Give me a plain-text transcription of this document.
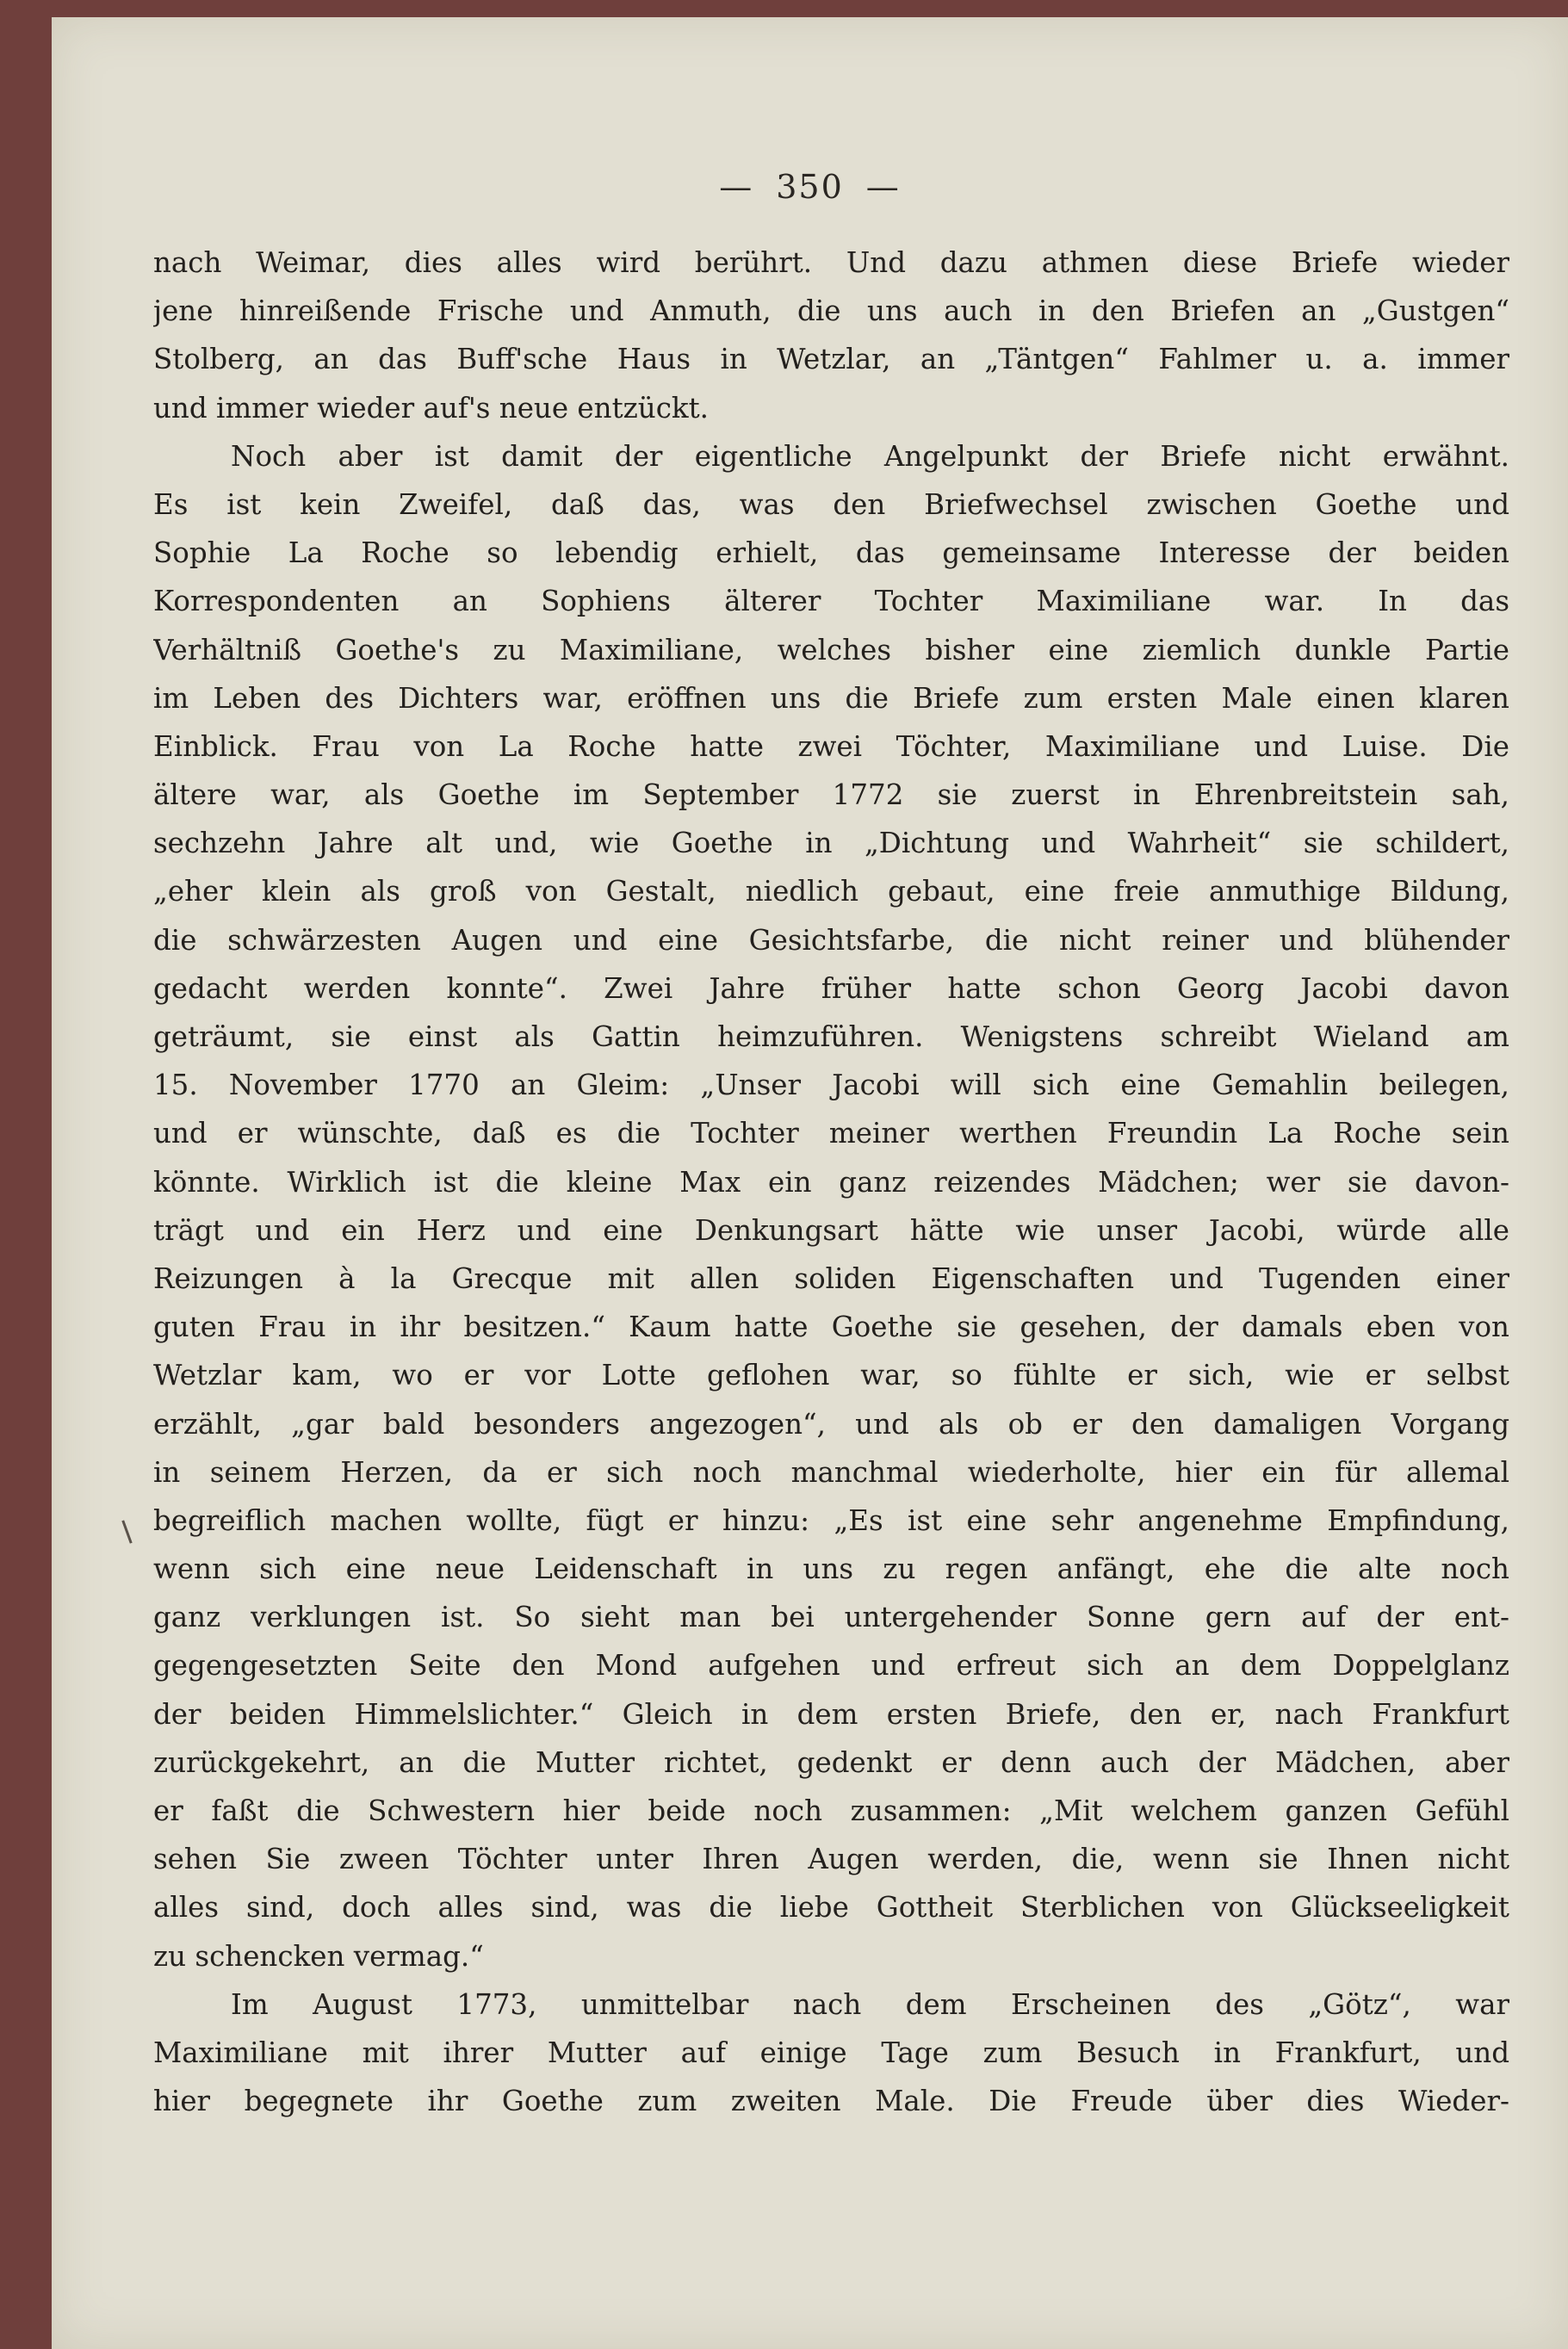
— 350 —
nach Weimar, dies alles wird berührt. Und dazu athmen diese Briefe wieder
jene hinreißende Frische und Anmuth, die uns auch in den Briefen an „Gustgen“
Stolberg, an das Buff'sche Haus in Wetzlar, an „Täntgen“ Fahlmer u. a. immer
und immer wieder auf's neue entzückt.
Noch aber ist damit der eigentliche Angelpunkt der Briefe nicht erwähnt.
Es ist kein Zweifel, daß das, was den Briefwechsel zwischen Goethe und
Sophie La Roche so lebendig erhielt, das gemeinsame Interesse der beiden
Korrespondenten an Sophiens älterer Tochter Maximiliane war. In das
Verhältniß Goethe's zu Maximiliane, welches bisher eine ziemlich dunkle Partie
im Leben des Dichters war, eröffnen uns die Briefe zum ersten Male einen klaren
Einblick. Frau von La Roche hatte zwei Töchter, Maximiliane und Luise. Die
ältere war, als Goethe im September 1772 sie zuerst in Ehrenbreitstein sah,
sechzehn Jahre alt und, wie Goethe in „Dichtung und Wahrheit“ sie schildert,
„eher klein als groß von Gestalt, niedlich gebaut, eine freie anmuthige Bildung,
die schwärzesten Augen und eine Gesichtsfarbe, die nicht reiner und blühender
gedacht werden konnte“. Zwei Jahre früher hatte schon Georg Jacobi davon
geträumt, sie einst als Gattin heimzuführen. Wenigstens schreibt Wieland am
15. November 1770 an Gleim: „Unser Jacobi will sich eine Gemahlin beilegen,
und er wünschte, daß es die Tochter meiner werthen Freundin La Roche sein
könnte. Wirklich ist die kleine Max ein ganz reizendes Mädchen; wer sie davon-
trägt und ein Herz und eine Denkungsart hätte wie unser Jacobi, würde alle
Reizungen à la Grecque mit allen soliden Eigenschaften und Tugenden einer
guten Frau in ihr besitzen.“ Kaum hatte Goethe sie gesehen, der damals eben von
Wetzlar kam, wo er vor Lotte geflohen war, so fühlte er sich, wie er selbst
erzählt, „gar bald besonders angezogen“, und als ob er den damaligen Vorgang
in seinem Herzen, da er sich noch manchmal wiederholte, hier ein für allemal
begreiflich machen wollte, fügt er hinzu: „Es ist eine sehr angenehme Empfindung,
wenn sich eine neue Leidenschaft in uns zu regen anfängt, ehe die alte noch
ganz verklungen ist. So sieht man bei untergehender Sonne gern auf der ent-
gegengesetzten Seite den Mond aufgehen und erfreut sich an dem Doppelglanz
der beiden Himmelslichter.“ Gleich in dem ersten Briefe, den er, nach Frankfurt
zurückgekehrt, an die Mutter richtet, gedenkt er denn auch der Mädchen, aber
er faßt die Schwestern hier beide noch zusammen: „Mit welchem ganzen Gefühl
sehen Sie zween Töchter unter Ihren Augen werden, die, wenn sie Ihnen nicht
alles sind, doch alles sind, was die liebe Gottheit Sterblichen von Glückseeligkeit
zu schencken vermag.“
Im August 1773, unmittelbar nach dem Erscheinen des „Götz“, war
Maximiliane mit ihrer Mutter auf einige Tage zum Besuch in Frankfurt, und
hier begegnete ihr Goethe zum zweiten Male. Die Freude über dies Wieder-
